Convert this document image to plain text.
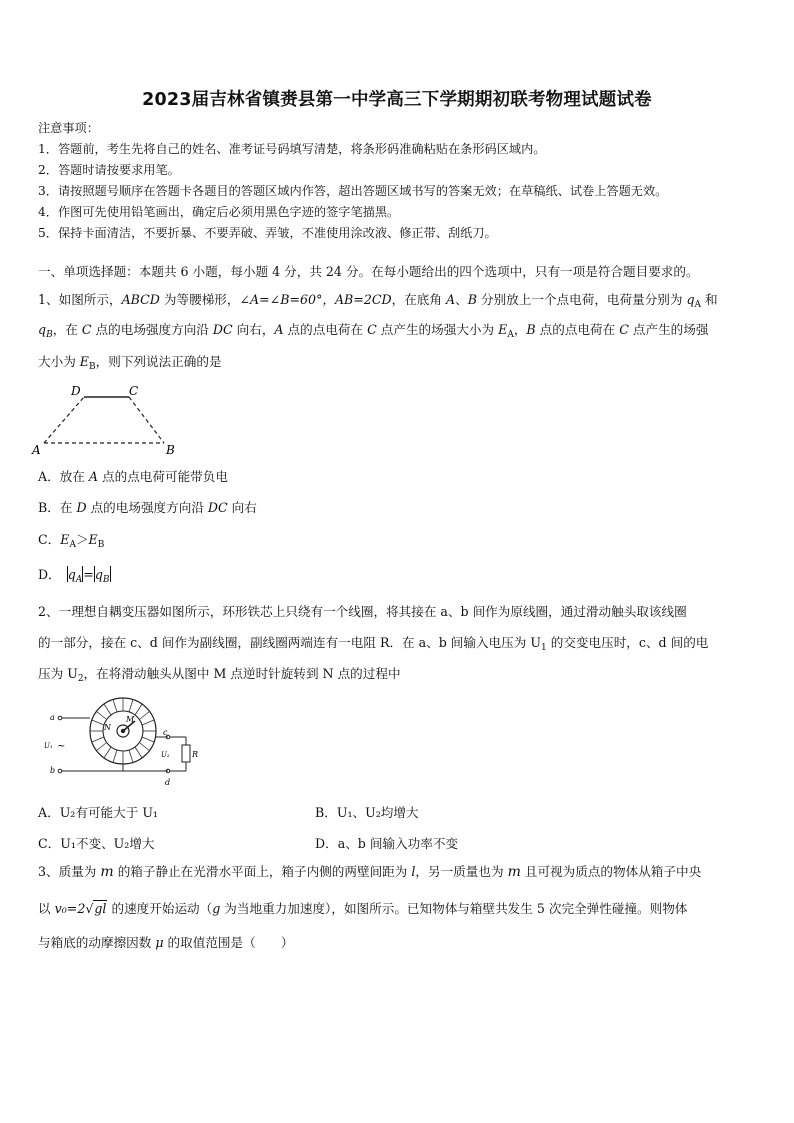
2023届吉林省镇赉县第一中学高三下学期期初联考物理试题试卷
注意事项：
1．答题前，考生先将自己的姓名、准考证号码填写清楚，将条形码准确粘贴在条形码区域内。
2．答题时请按要求用笔。
3．请按照题号顺序在答题卡各题目的答题区域内作答，超出答题区域书写的答案无效；在草稿纸、试卷上答题无效。
4．作图可先使用铅笔画出，确定后必须用黑色字迹的签字笔描黑。
5．保持卡面清洁，不要折暴、不要弄破、弄皱，不准使用涂改液、修正带、刮纸刀。
一、单项选择题：本题共 6 小题，每小题 4 分，共 24 分。在每小题给出的四个选项中，只有一项是符合题目要求的。
1、如图所示，ABCD 为等腰梯形，∠A=∠B=60°，AB=2CD，在底角 A、B 分别放上一个点电荷，电荷量分别为 $q_A$ 和
$q_B$，在 C 点的电场强度方向沿 DC 向右，A 点的点电荷在 C 点产生的场强大小为 $E_A$，B 点的点电荷在 C 点产生的场强
大小为 $E_B$，则下列说法正确的是
D	C
A	B
A．放在 A 点的点电荷可能带负电
B．在 D 点的电场强度方向沿 DC 向右
C．$E_A>E_B$
D． $q_A=q_B$
2、一理想自耦变压器如图所示，环形铁芯上只绕有一个线圈，将其接在 a、b 间作为原线圈，通过滑动触头取该线圈
的一部分，接在 c、d 间作为副线圈，副线圈两端连有一电阻 R．在 a、b 间输入电压为 $U_1$ 的交变电压时，c、d 间的电
压为 $U_2$，在将滑动触头从图中 M 点逆时针旋转到 N 点的过程中
M
N
a
U₁ ~
b
c
d
U₂	R
A．U₂有可能大于 U₁	B．U₁、U₂均增大
C．U₁不变、U₂增大	D．a、b 间输入功率不变
3、质量为 m 的箱子静止在光滑水平面上，箱子内侧的两壁间距为 l，另一质量也为 m 且可视为质点的物体从箱子中央
以 v₀=2√gl 的速度开始运动（g 为当地重力加速度），如图所示。已知物体与箱壁共发生 5 次完全弹性碰撞。则物体
与箱底的动摩擦因数 μ 的取值范围是（　　）
